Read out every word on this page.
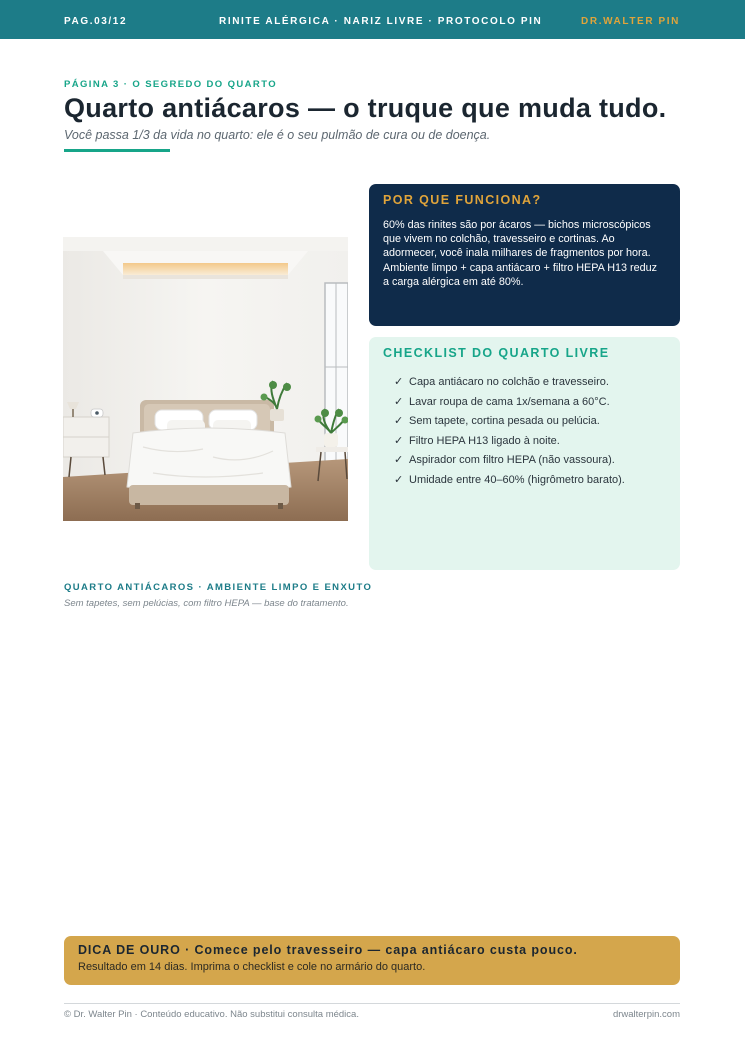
PAG.03/12	RINITE ALÉRGICA · NARIZ LIVRE · PROTOCOLO PIN	DR.WALTER PIN
PÁGINA 3 · O SEGREDO DO QUARTO
Quarto antiácaros — o truque que muda tudo.
Você passa 1/3 da vida no quarto: ele é o seu pulmão de cura ou de doença.
POR QUE FUNCIONA?

60% das rinites são por ácaros — bichos microscópicos que vivem no colchão, travesseiro e cortinas. Ao adormecer, você inala milhares de fragmentos por hora. Ambiente limpo + capa antiácaro + filtro HEPA H13 reduz a carga alérgica em até 80%.

CHECKLIST DO QUARTO LIVRE
✓ Capa antiácaro no colchão e travesseiro.
✓ Lavar roupa de cama 1x/semana a 60°C.
✓ Sem tapete, cortina pesada ou pelúcia.
✓ Filtro HEPA H13 ligado à noite.
✓ Aspirador com filtro HEPA (não vassoura).
✓ Umidade entre 40–60% (higrômetro barato).
QUARTO ANTIÁCAROS · AMBIENTE LIMPO E ENXUTO
Sem tapetes, sem pelúcias, com filtro HEPA — base do tratamento.
DICA DE OURO · Comece pelo travesseiro — capa antiácaro custa pouco.
Resultado em 14 dias. Imprima o checklist e cole no armário do quarto.
© Dr. Walter Pin · Conteúdo educativo. Não substitui consulta médica.	drwalterpin.com
